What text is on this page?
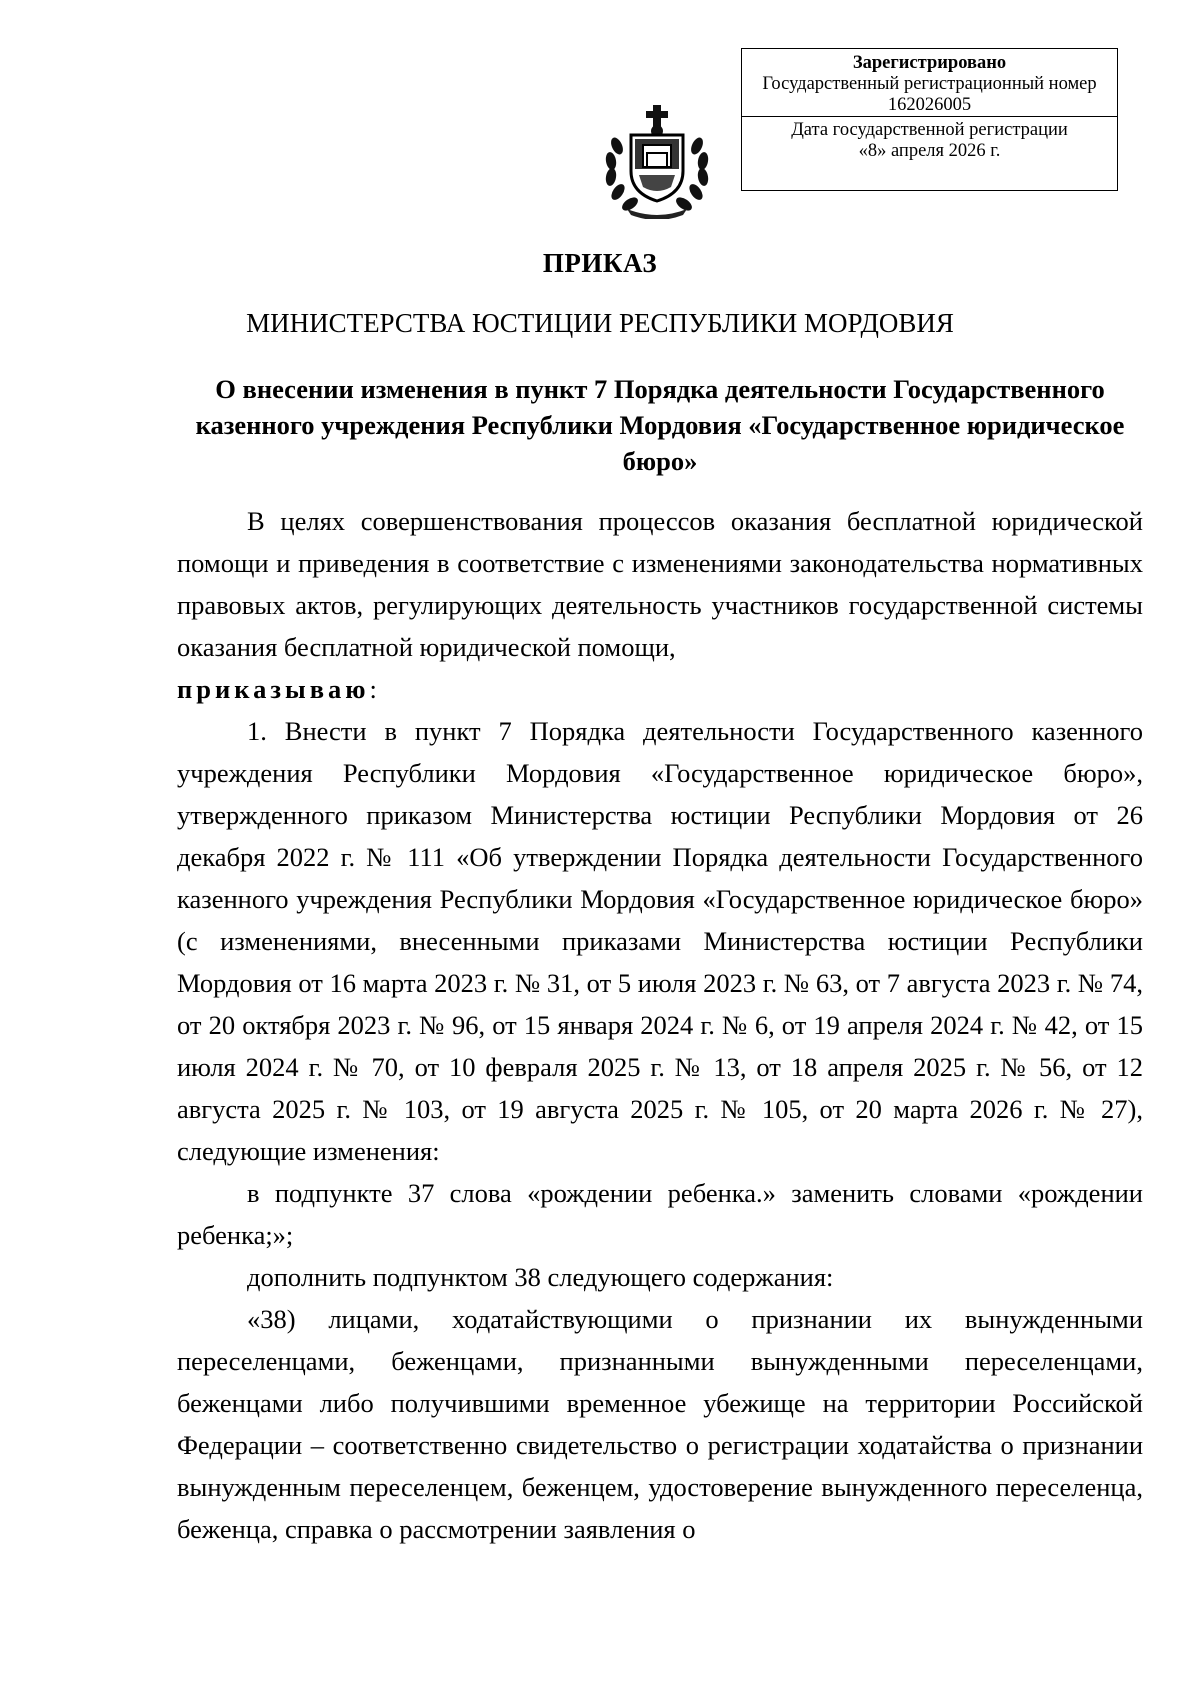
Зарегистрировано
Государственный регистрационный номер
162026005
Дата государственной регистрации
«8» апреля 2026 г.
ПРИКАЗ
МИНИСТЕРСТВА ЮСТИЦИИ РЕСПУБЛИКИ МОРДОВИЯ
О внесении изменения в пункт 7 Порядка деятельности Государственного казенного учреждения Республики Мордовия «Государственное юридическое бюро»

В целях совершенствования процессов оказания бесплатной юридической помощи и приведения в соответствие с изменениями законодательства нормативных правовых актов, регулирующих деятельность участников государственной системы оказания бесплатной юридической помощи,
приказываю:

1. Внести в пункт 7 Порядка деятельности Государственного казенного учреждения Республики Мордовия «Государственное юридическое бюро», утвержденного приказом Министерства юстиции Республики Мордовия от 26 декабря 2022 г. № 111 «Об утверждении Порядка деятельности Государственного казенного учреждения Республики Мордовия «Государственное юридическое бюро» (с изменениями, внесенными приказами Министерства юстиции Республики Мордовия от 16 марта 2023 г. № 31, от 5 июля 2023 г. № 63, от 7 августа 2023 г. № 74, от 20 октября 2023 г. № 96, от 15 января 2024 г. № 6, от 19 апреля 2024 г. № 42, от 15 июля 2024 г. № 70, от 10 февраля 2025 г. № 13, от 18 апреля 2025 г. № 56, от 12 августа 2025 г. № 103, от 19 августа 2025 г. № 105, от 20 марта 2026 г. № 27), следующие изменения:

в подпункте 37 слова «рождении ребенка.» заменить словами «рождении ребенка;»;

дополнить подпунктом 38 следующего содержания:

«38) лицами, ходатайствующими о признании их вынужденными переселенцами, беженцами, признанными вынужденными переселенцами, беженцами либо получившими временное убежище на территории Российской Федерации – соответственно свидетельство о регистрации ходатайства о признании вынужденным переселенцем, беженцем, удостоверение вынужденного переселенца, беженца, справка о рассмотрении заявления о
